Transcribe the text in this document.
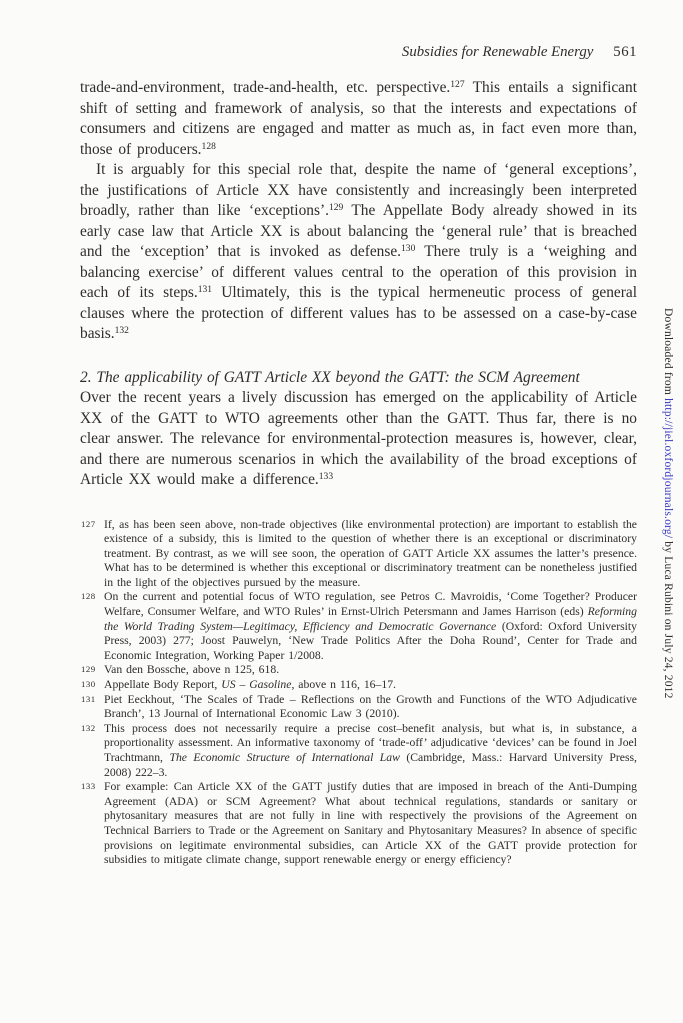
Subsidies for Renewable Energy 561

trade-and-environment, trade-and-health, etc. perspective.$^{127}$ This entails a significant shift of setting and framework of analysis, so that the interests and expectations of consumers and citizens are engaged and matter as much as, in fact even more than, those of producers.$^{128}$

It is arguably for this special role that, despite the name of ‘general exceptions’, the justifications of Article XX have consistently and increasingly been interpreted broadly, rather than like ‘exceptions’.$^{129}$ The Appellate Body already showed in its early case law that Article XX is about balancing the ‘general rule’ that is breached and the ‘exception’ that is invoked as defense.$^{130}$ There truly is a ‘weighing and balancing exercise’ of different values central to the operation of this provision in each of its steps.$^{131}$ Ultimately, this is the typical hermeneutic process of general clauses where the protection of different values has to be assessed on a case-by-case basis.$^{132}$

2. The applicability of GATT Article XX beyond the GATT: the SCM Agreement

Over the recent years a lively discussion has emerged on the applicability of Article XX of the GATT to WTO agreements other than the GATT. Thus far, there is no clear answer. The relevance for environmental-protection measures is, however, clear, and there are numerous scenarios in which the availability of the broad exceptions of Article XX would make a difference.$^{133}$

127 If, as has been seen above, non-trade objectives (like environmental protection) are important to establish the existence of a subsidy, this is limited to the question of whether there is an exceptional or discriminatory treatment. By contrast, as we will see soon, the operation of GATT Article XX assumes the latter’s presence. What has to be determined is whether this exceptional or discriminatory treatment can be nonetheless justified in the light of the objectives pursued by the measure.
128 On the current and potential focus of WTO regulation, see Petros C. Mavroidis, ‘Come Together? Producer Welfare, Consumer Welfare, and WTO Rules’ in Ernst-Ulrich Petersmann and James Harrison (eds) Reforming the World Trading System—Legitimacy, Efficiency and Democratic Governance (Oxford: Oxford University Press, 2003) 277; Joost Pauwelyn, ‘New Trade Politics After the Doha Round’, Center for Trade and Economic Integration, Working Paper 1/2008.
129 Van den Bossche, above n 125, 618.
130 Appellate Body Report, US – Gasoline, above n 116, 16–17.
131 Piet Eeckhout, ‘The Scales of Trade – Reflections on the Growth and Functions of the WTO Adjudicative Branch’, 13 Journal of International Economic Law 3 (2010).
132 This process does not necessarily require a precise cost–benefit analysis, but what is, in substance, a proportionality assessment. An informative taxonomy of ‘trade-off’ adjudicative ‘devices’ can be found in Joel Trachtmann, The Economic Structure of International Law (Cambridge, Mass.: Harvard University Press, 2008) 222–3.
133 For example: Can Article XX of the GATT justify duties that are imposed in breach of the Anti-Dumping Agreement (ADA) or SCM Agreement? What about technical regulations, standards or sanitary or phytosanitary measures that are not fully in line with respectively the provisions of the Agreement on Technical Barriers to Trade or the Agreement on Sanitary and Phytosanitary Measures? In absence of specific provisions on legitimate environmental subsidies, can Article XX of the GATT provide protection for subsidies to mitigate climate change, support renewable energy or energy efficiency?
Downloaded from http://jiel.oxfordjournals.org/ by Luca Rubini on July 24, 2012
